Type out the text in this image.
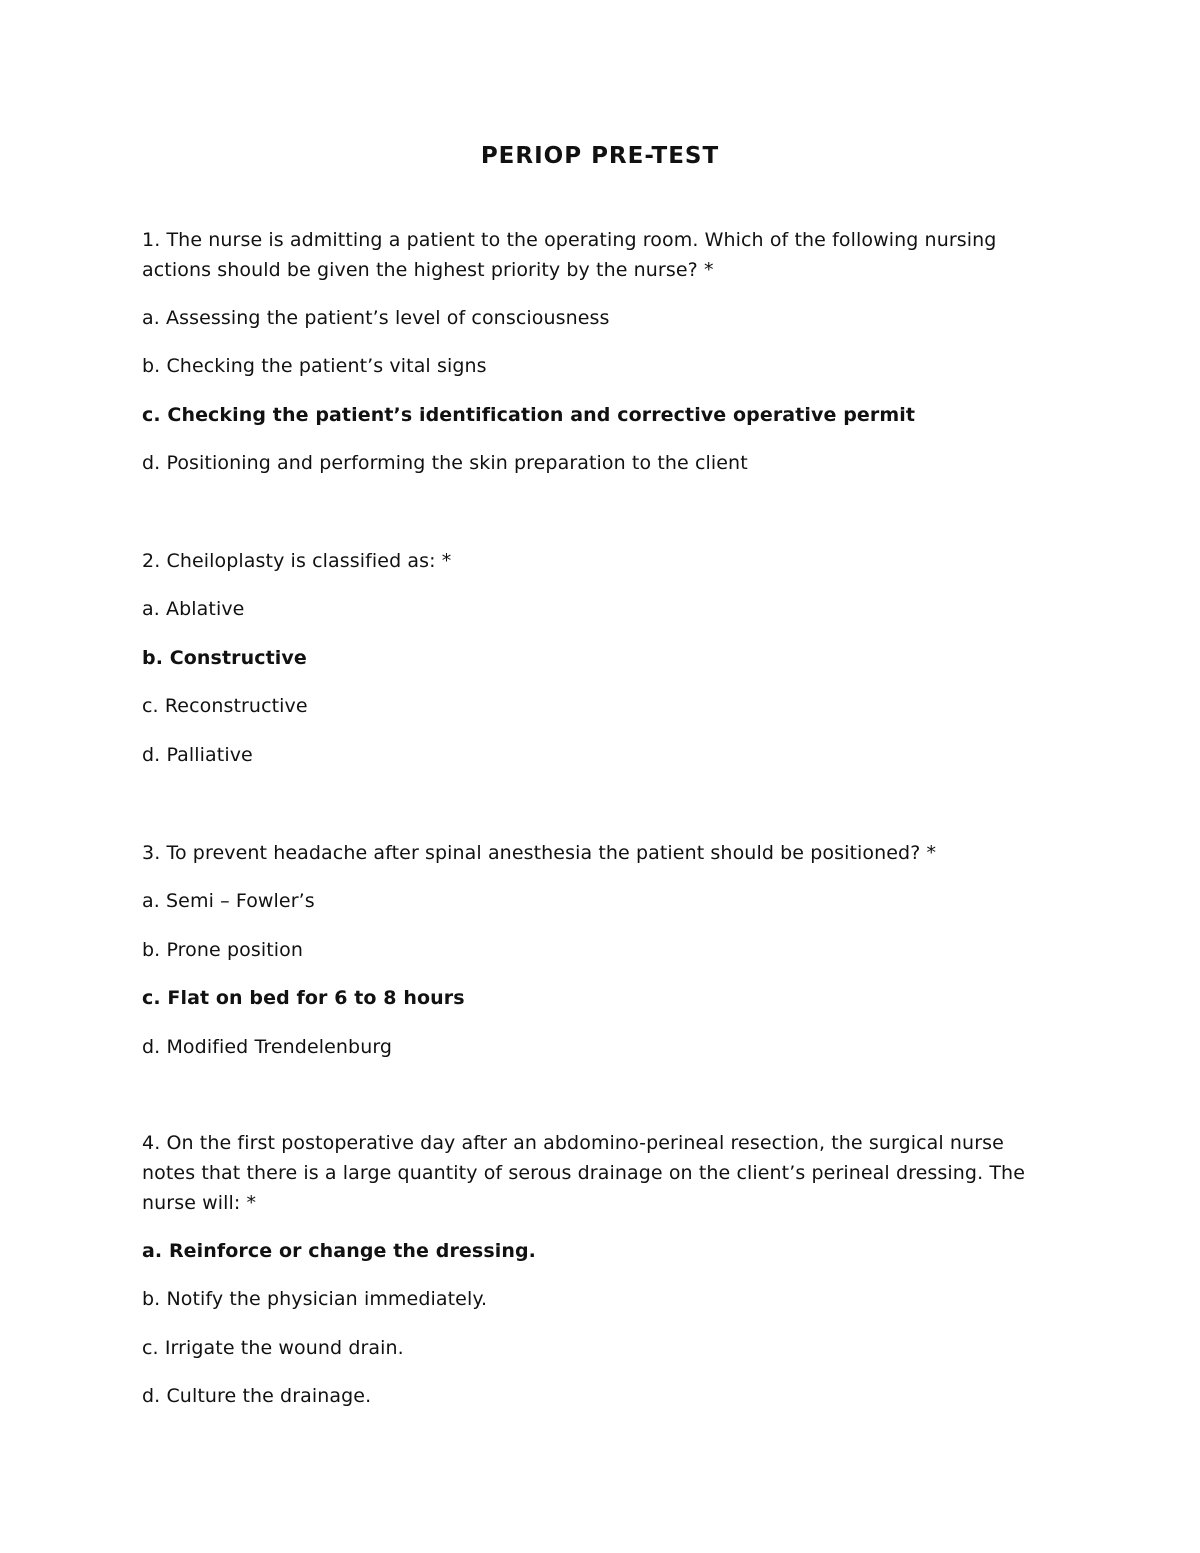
PERIOP PRE-TEST
1. The nurse is admitting a patient to the operating room. Which of the following nursing actions should be given the highest priority by the nurse? *
a. Assessing the patient’s level of consciousness
b. Checking the patient’s vital signs
c. Checking the patient’s identification and corrective operative permit
d. Positioning and performing the skin preparation to the client
2. Cheiloplasty is classified as: *
a. Ablative
b. Constructive
c. Reconstructive
d. Palliative
3. To prevent headache after spinal anesthesia the patient should be positioned? *
a. Semi – Fowler’s
b. Prone position
c. Flat on bed for 6 to 8 hours
d. Modified Trendelenburg
4. On the first postoperative day after an abdomino-perineal resection, the surgical nurse notes that there is a large quantity of serous drainage on the client’s perineal dressing. The nurse will: *
a. Reinforce or change the dressing.
b. Notify the physician immediately.
c. Irrigate the wound drain.
d. Culture the drainage.
